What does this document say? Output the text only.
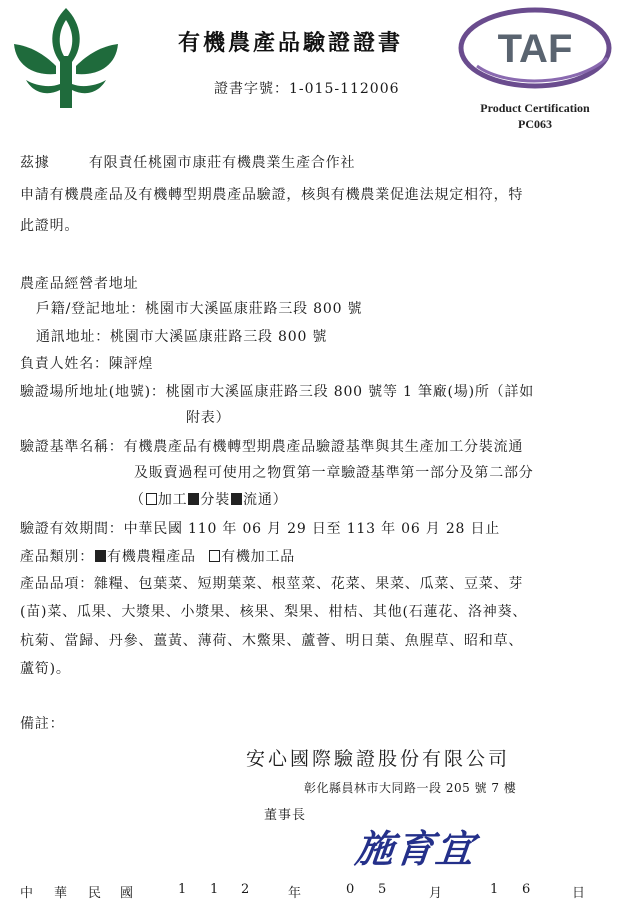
TAF
Product Certification
PC063
有機農產品驗證證書
證書字號：1-015-112006
茲據	有限責任桃園市康莊有機農業生產合作社
申請有機農產品及有機轉型期農產品驗證，核與有機農業促進法規定相符，特
此證明。
農產品經營者地址
戶籍/登記地址：桃園市大溪區康莊路三段 800 號
通訊地址：桃園市大溪區康莊路三段 800 號
負責人姓名：陳評煌
驗證場所地址(地號)：桃園市大溪區康莊路三段 800 號等 1 筆廠(場)所（詳如
附表）
驗證基準名稱：有機農產品有機轉型期農產品驗證基準與其生產加工分裝流通
及販賣過程可使用之物質第一章驗證基準第一部分及第二部分
（ 加工 分裝 流通）
驗證有效期間：中華民國 110 年 06 月 29 日至 113 年 06 月 28 日止
產品類別： 有機農糧產品 有機加工品
產品品項：雜糧、包葉菜、短期葉菜、根莖菜、花菜、果菜、瓜菜、豆菜、芽
(苗)菜、瓜果、大漿果、小漿果、核果、梨果、柑桔、其他(石蓮花、洛神葵、
杭菊、當歸、丹參、薑黃、薄荷、木鱉果、蘆薈、明日葉、魚腥草、昭和草、
蘆筍)。
備註：
安心國際驗證股份有限公司
彰化縣員林市大同路一段 205 號 7 樓
董事長
施育宜
中 華 民 國	1 1 2	年	0 5	月	1 6	日
